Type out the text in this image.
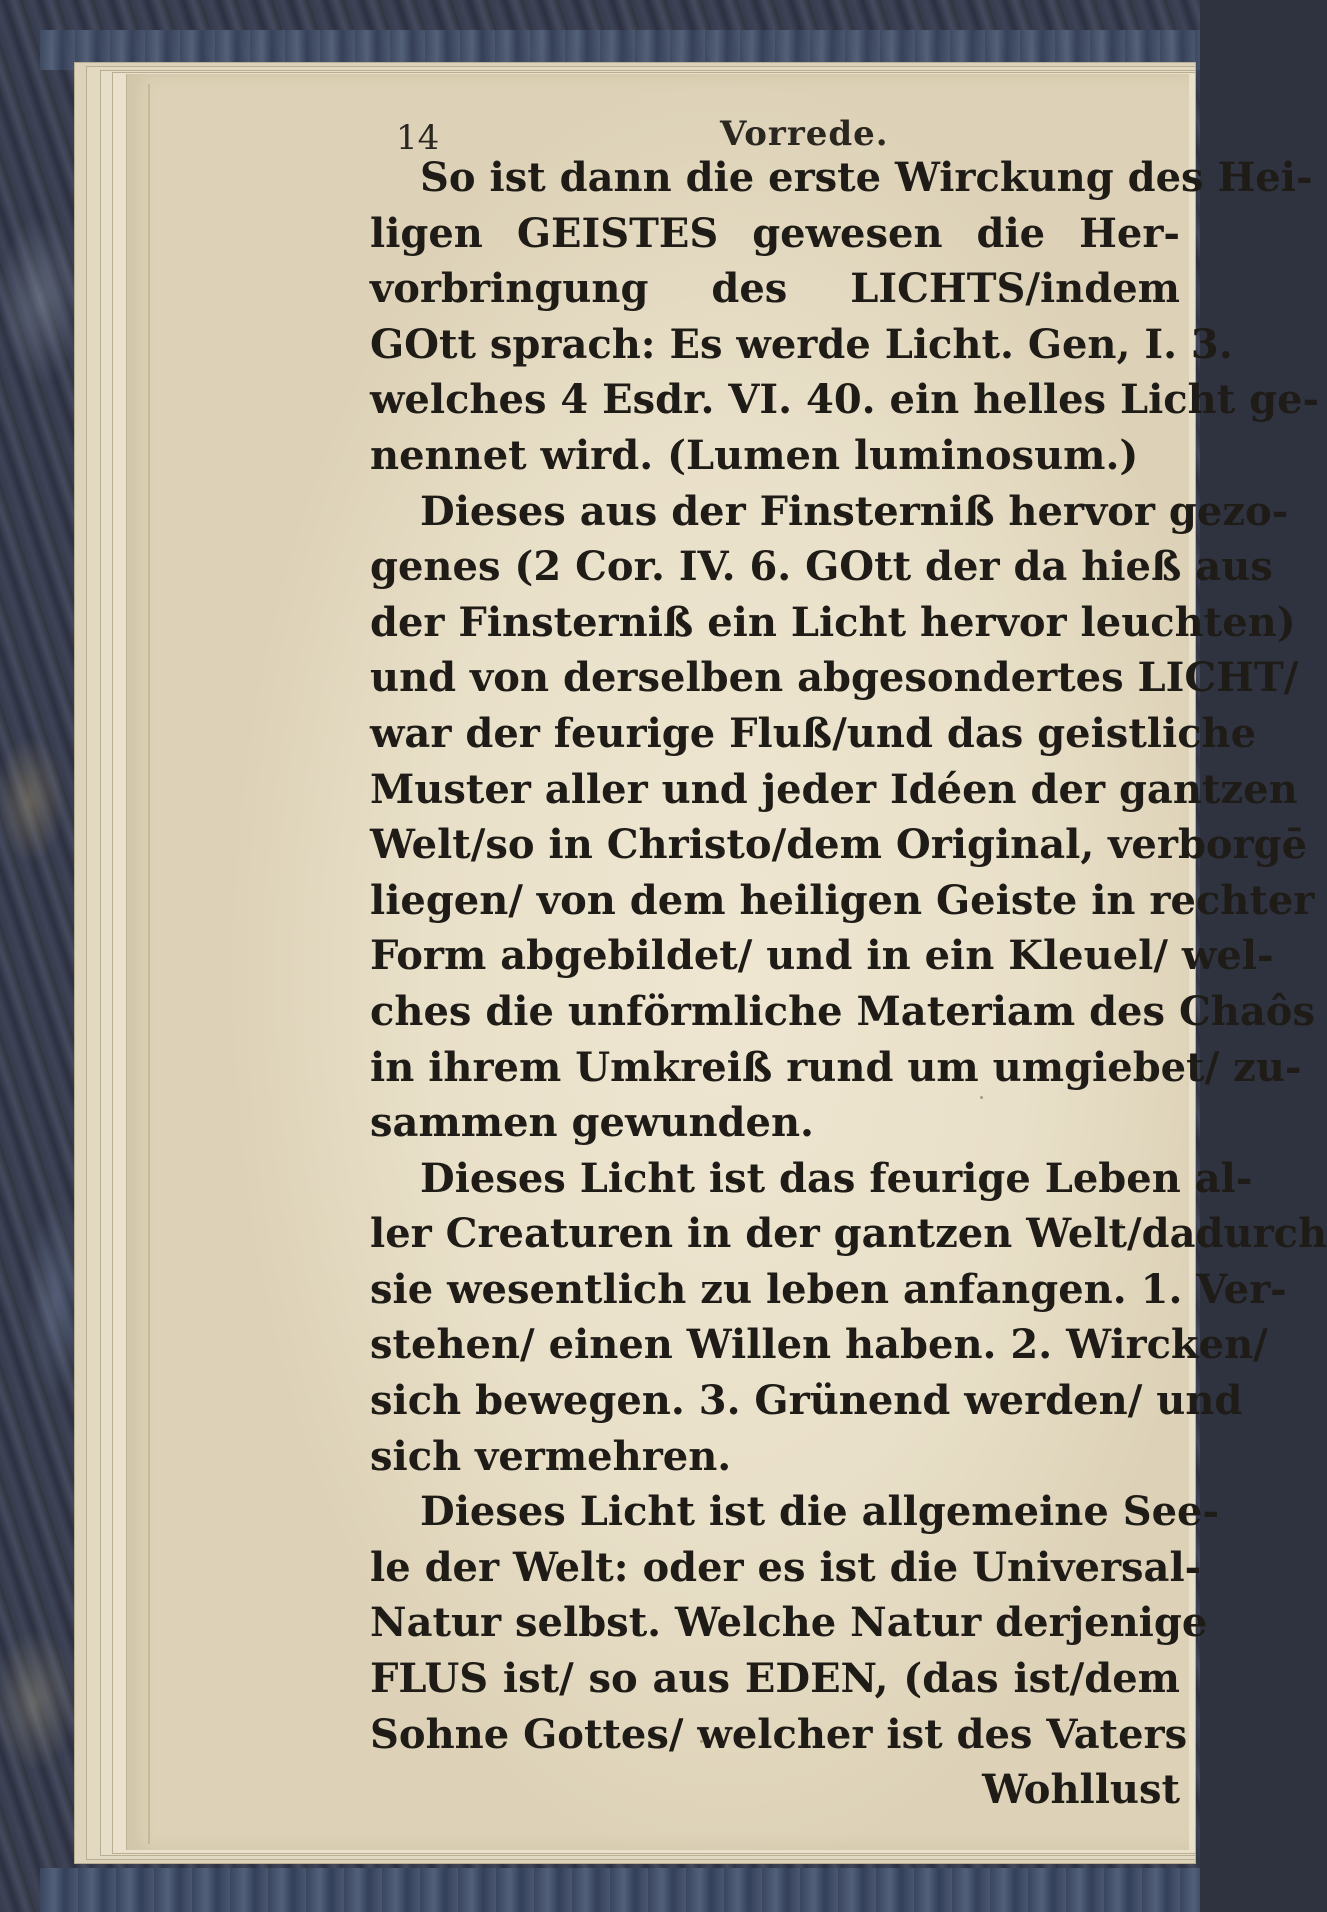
14	Vorrede.
So ist dann die erste Wirckung des Hei-
ligen GEISTES gewesen die Her-
vorbringung des LICHTS/indem
GOtt sprach: Es werde Licht. Gen, I. 3.
welches 4 Esdr. VI. 40. ein helles Licht ge-
nennet wird. (Lumen luminosum.)
Dieses aus der Finsterniß hervor gezo-
genes (2 Cor. IV. 6. GOtt der da hieß aus
der Finsterniß ein Licht hervor leuchten)
und von derselben abgesondertes LICHT/
war der feurige Fluß/und das geistliche
Muster aller und jeder Idéen der gantzen
Welt/so in Christo/dem Original, verborgē
liegen/ von dem heiligen Geiste in rechter
Form abgebildet/ und in ein Kleuel/ wel-
ches die unförmliche Materiam des Chaôs
in ihrem Umkreiß rund um umgiebet/ zu-
sammen gewunden.
Dieses Licht ist das feurige Leben al-
ler Creaturen in der gantzen Welt/dadurch
sie wesentlich zu leben anfangen. 1. Ver-
stehen/ einen Willen haben. 2. Wircken/
sich bewegen. 3. Grünend werden/ und
sich vermehren.
Dieses Licht ist die allgemeine See-
le der Welt: oder es ist die Universal-
Natur selbst. Welche Natur derjenige
FLUS ist/ so aus EDEN, (das ist/dem
Sohne Gottes/ welcher ist des Vaters
Wohllust
